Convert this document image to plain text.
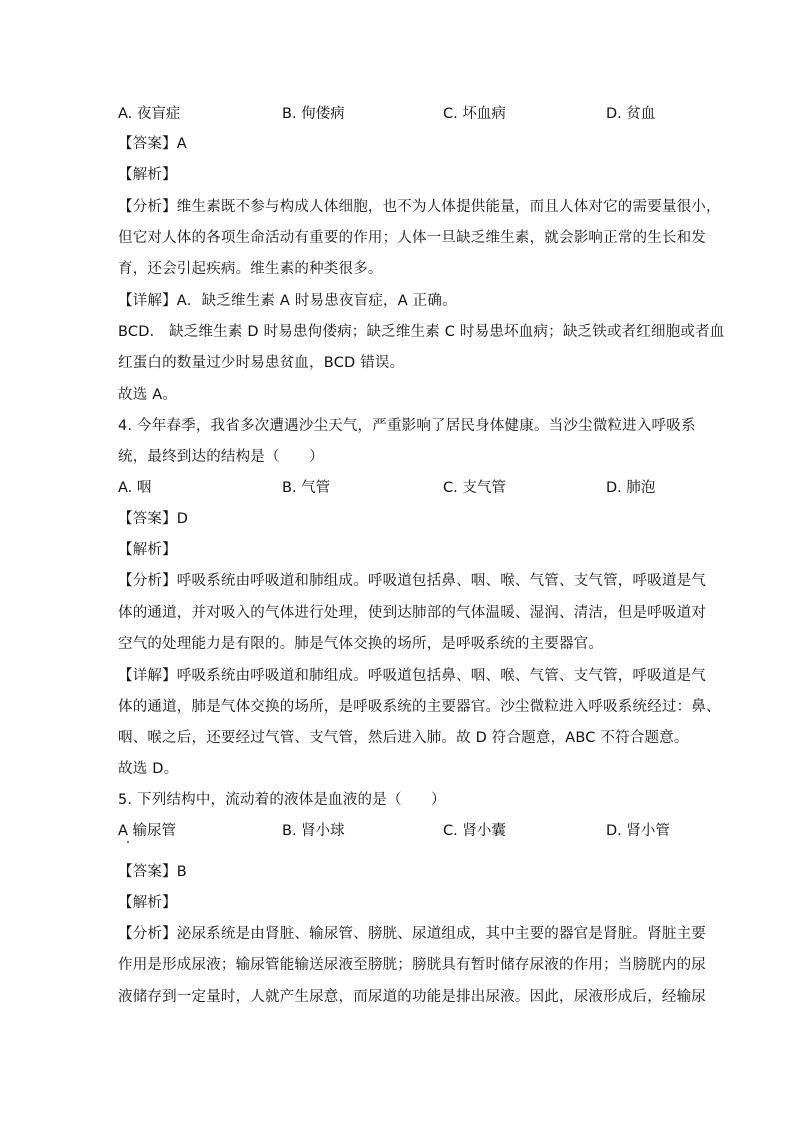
A. 夜盲症	B. 佝偻病	C. 坏血病	D. 贫血
【答案】A
【解析】
【分析】维生素既不参与构成人体细胞，也不为人体提供能量，而且人体对它的需要量很小，
但它对人体的各项生命活动有重要的作用；人体一旦缺乏维生素，就会影响正常的生长和发
育，还会引起疾病。维生素的种类很多。
【详解】A．缺乏维生素 A 时易患夜盲症，A 正确。
BCD． 缺乏维生素 D 时易患佝偻病；缺乏维生素 C 时易患坏血病；缺乏铁或者红细胞或者血
红蛋白的数量过少时易患贫血，BCD 错误。
故选 A。
4. 今年春季，我省多次遭遇沙尘天气，严重影响了居民身体健康。当沙尘微粒进入呼吸系
统，最终到达的结构是（　　）
A. 咽	B. 气管	C. 支气管	D. 肺泡
【答案】D
【解析】
【分析】呼吸系统由呼吸道和肺组成。呼吸道包括鼻、咽、喉、气管、支气管，呼吸道是气
体的通道，并对吸入的气体进行处理，使到达肺部的气体温暖、湿润、清洁，但是呼吸道对
空气的处理能力是有限的。肺是气体交换的场所，是呼吸系统的主要器官。
【详解】呼吸系统由呼吸道和肺组成。呼吸道包括鼻、咽、喉、气管、支气管，呼吸道是气
体的通道，肺是气体交换的场所，是呼吸系统的主要器官。沙尘微粒进入呼吸系统经过：鼻、
咽、喉之后，还要经过气管、支气管，然后进入肺。故 D 符合题意，ABC 不符合题意。
故选 D。
5. 下列结构中，流动着的液体是血液的是（　　）
A 输尿管	B. 肾小球	C. 肾小囊	D. 肾小管
【答案】B
【解析】
【分析】泌尿系统是由肾脏、输尿管、膀胱、尿道组成，其中主要的器官是肾脏。肾脏主要
作用是形成尿液；输尿管能输送尿液至膀胱；膀胱具有暂时储存尿液的作用；当膀胱内的尿
液储存到一定量时，人就产生尿意，而尿道的功能是排出尿液。因此，尿液形成后，经输尿
